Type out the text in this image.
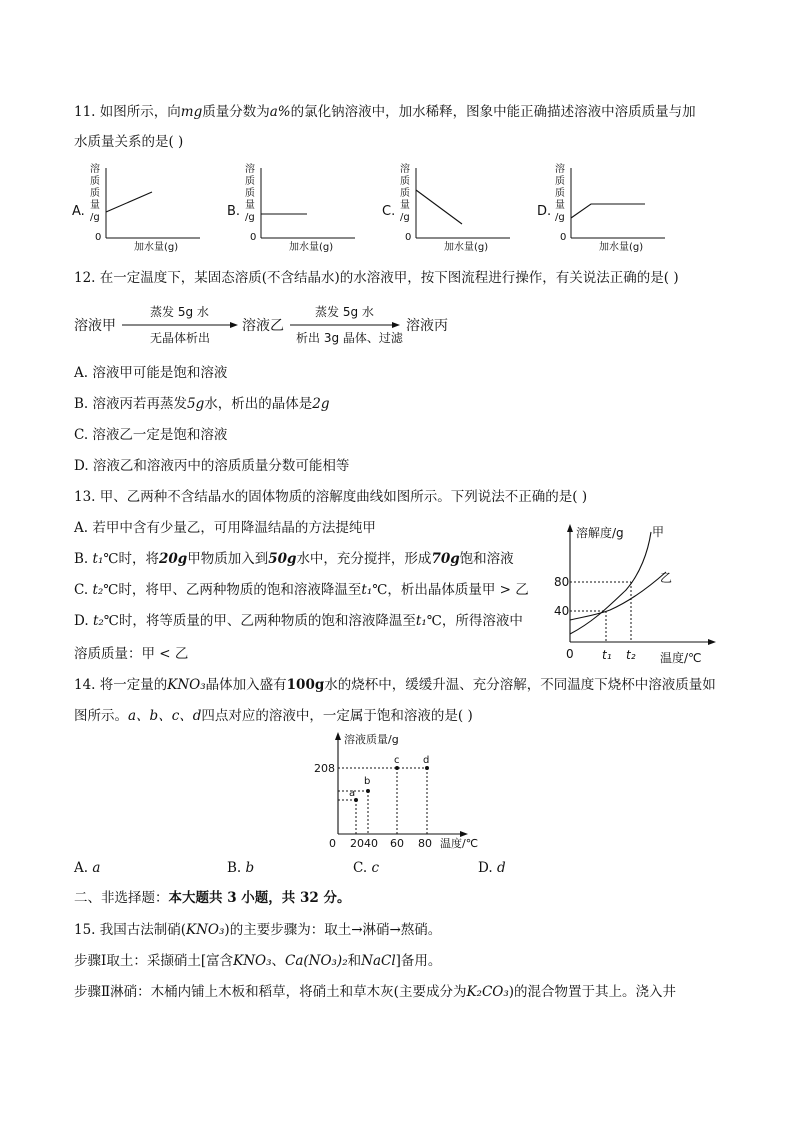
11. 如图所示，向mg质量分数为a%的氯化钠溶液中，加水稀释，图象中能正确描述溶液中溶质质量与加
水质量关系的是( )
A.
溶
质
质
量
/g
0
加水量(g)
B.
溶
质
质
量
/g
0
加水量(g)
C.
溶
质
质
量
/g
0
加水量(g)
D.
溶
质
质
量
/g
0
加水量(g)
12. 在一定温度下，某固态溶质(不含结晶水)的水溶液甲，按下图流程进行操作，有关说法正确的是( )
溶液甲
蒸发 5g 水
无晶体析出
溶液乙
蒸发 5g 水
析出 3g 晶体、过滤
溶液丙
A. 溶液甲可能是饱和溶液
B. 溶液丙若再蒸发5g水，析出的晶体是2g
C. 溶液乙一定是饱和溶液
D. 溶液乙和溶液丙中的溶质质量分数可能相等
13. 甲、乙两种不含结晶水的固体物质的溶解度曲线如图所示。下列说法不正确的是( )
A. 若甲中含有少量乙，可用降温结晶的方法提纯甲
B. t₁℃时，将20g甲物质加入到50g水中，充分搅拌，形成70g饱和溶液
C. t₂℃时，将甲、乙两种物质的饱和溶液降温至t₁℃，析出晶体质量甲 > 乙
D. t₂℃时，将等质量的甲、乙两种物质的饱和溶液降温至t₁℃，所得溶液中
溶质质量：甲 < 乙
溶解度/g
温度/℃
80
40
0 t₁ t₂
甲
乙
14. 将一定量的KNO₃晶体加入盛有100g水的烧杯中，缓缓升温、充分溶解，不同温度下烧杯中溶液质量如
图所示。a、b、c、d四点对应的溶液中，一定属于饱和溶液的是( )
溶液质量/g
温度/℃
208
0 20 40 60 80
a
b
c d
A. a	B. b	C. c	D. d
二、非选择题：本大题共 3 小题，共 32 分。
15. 我国古法制硝(KNO₃)的主要步骤为：取土→淋硝→熬硝。
步骤Ⅰ取土：采撷硝土[富含KNO₃、Ca(NO₃)₂和NaCl]备用。
步骤Ⅱ淋硝：木桶内铺上木板和稻草，将硝土和草木灰(主要成分为K₂CO₃)的混合物置于其上。浇入井
